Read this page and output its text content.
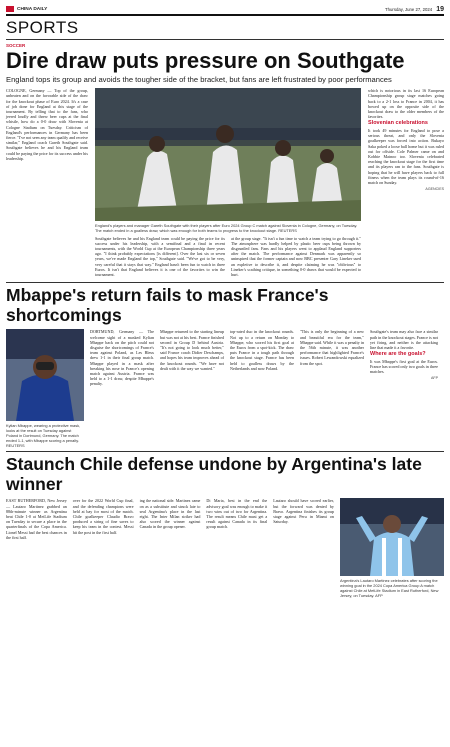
CHINA DAILY	Thursday, June 27, 2024 19
SPORTS
SOCCER
Dire draw puts pressure on Southgate
England tops its group and avoids the tougher side of the bracket, but fans are left frustrated by poor performances

COLOGNE, Germany — Top of the group, unbeaten and on the favorable side of the draw for the knockout phase of Euro 2024. It's a case of job done for England at this stage of the tournament. By telling that to the fans, who jeered loudly and threw beer cups at the final whistle, how do a 0-0 draw with Slovenia at Cologne Stadium on Tuesday. Criticism of England's performances in Germany has been fierce. "I've not seen any team qualify and receive similar," England coach Gareth Southgate said. Southgate believes he and his England team could be paying the price for its success under his leadership.

England's players and manager Gareth Southgate with their players after Euro 2024 Group C match against Slovenia in Cologne, Germany, on Tuesday. The match ended in a goalless draw, which was enough for both teams to progress to the knockout stage. REUTERS

Southgate believes he and his England team could be paying the price for its success under his leadership, with a semifinal and a final in recent tournaments, with the World Cup at the European Championship three years ago. "I think probably expectations [is different]. Over the last six or seven years, we've made England the top," Southgate said. "We've got to be very, very careful that it stays that way." England hasn't been fun to watch in three Euros. It isn't that England believes it is one of the favorites to win the tournament.

at the group stage. "It isn't a fun time to watch a team trying to go through it." The atmosphere was hardly helped by plastic beer cups being thrown by disgruntled fans. Fans and his players went to applaud England supporters after the match. The performance against Denmark was apparently so uninspired that the former captain and now BBC presenter Gary Lineker used an expletive to describe it, and despite claiming he was "oblivious" to Lineker's scathing critique, in something 0-0 draws that would be expected to hurt.

which is notorious in its last 16 European Championship group stage matches going back to a 2-1 loss to France in 2004, it has bowed up on the opposite side of the knockout draw to the older members of the favorites.

Slovenian celebrations

It took 49 minutes for England to pose a serious threat, and only the Slovenia goalkeeper was forced into action. Bukayo Saka poked a loose ball home but it was ruled out for offside. Cole Palmer came on and Kobbie Mainoo too. Slovenia celebrated reaching the knockout stage for the first time and its players ran to the fans. Southgate is hoping that he will have players back to full fitness when the team plays its round-of-16 match on Sunday.

AGENCIES
Mbappe's return fails to mask France's shortcomings
Kylian Mbappe, wearing a protective mask, looks at the result on Tuesday against Poland in Dortmund, Germany. The match ended 1-1, with Mbappe scoring a penalty. REUTERS

DORTMUND, Germany — The welcome sight of a masked Kylian Mbappe back on the pitch could not disguise the shortcomings of France's team against Poland, as Les Bleus drew 1-1 in their final group match. Mbappe played in a mask after breaking his nose in France's opening match against Austria. France was held to a 1-1 draw, despite Mbappe's penalty.

Mbappe returned to the starting lineup but was not at his best. France finished second in Group D behind Austria. "It's not going to look much better," said France coach Didier Deschamps, and hopes his team improves ahead of the knockout rounds. "We have not dealt with it the way we wanted."

top-rated duo in the knockout rounds. Not up to a return on Monday to Mbappe, who scored his first goal at the Euros from a spot-kick. The draw puts France in a tough path through the knockout stage. France has been held to goalless draws by the Netherlands and now Poland.

"This is only the beginning of a new and beautiful era for the team," Mbappe said. While it was a penalty in the 56th minute, it was another performance that highlighted France's issues. Robert Lewandowski equalized from the spot.

Southgate's team may also face a similar path in the knockout stages. France is not yet firing, and neither is the attacking line that made it a favorite.

Where are the goals?

It was Mbappe's first goal at the Euros. France has scored only two goals in three matches.

AFP
Staunch Chile defense undone by Argentina's late winner

EAST RUTHERFORD, New Jersey — Lautaro Martinez grabbed an 88th-minute winner as Argentina beat Chile 1-0 at MetLife Stadium on Tuesday to secure a place in the quarterfinals of the Copa America. Lionel Messi had the best chances in the first half.

over for the 2022 World Cup final, and the defending champions were held at bay for most of the match. Chile goalkeeper Claudio Bravo produced a string of fine saves to keep his team in the contest. Messi hit the post in the first half.

ing the national side. Martinez came on as a substitute and struck late to seal Argentina's place in the last eight. The Inter Milan striker had also scored the winner against Canada in the group opener.

Di Maria, best in the end the advisory goal was enough to make it two wins out of two for Argentina. The result means Chile must get a result against Canada in its final group match.

Lautaro should have scored earlier, but the forward was denied by Bravo. Argentina finishes its group stage against Peru in Miami on Saturday.

Argentina's Lautaro Martinez celebrates after scoring the winning goal in the 2024 Copa America Group A match against Chile at MetLife Stadium in East Rutherford, New Jersey, on Tuesday. AFP
